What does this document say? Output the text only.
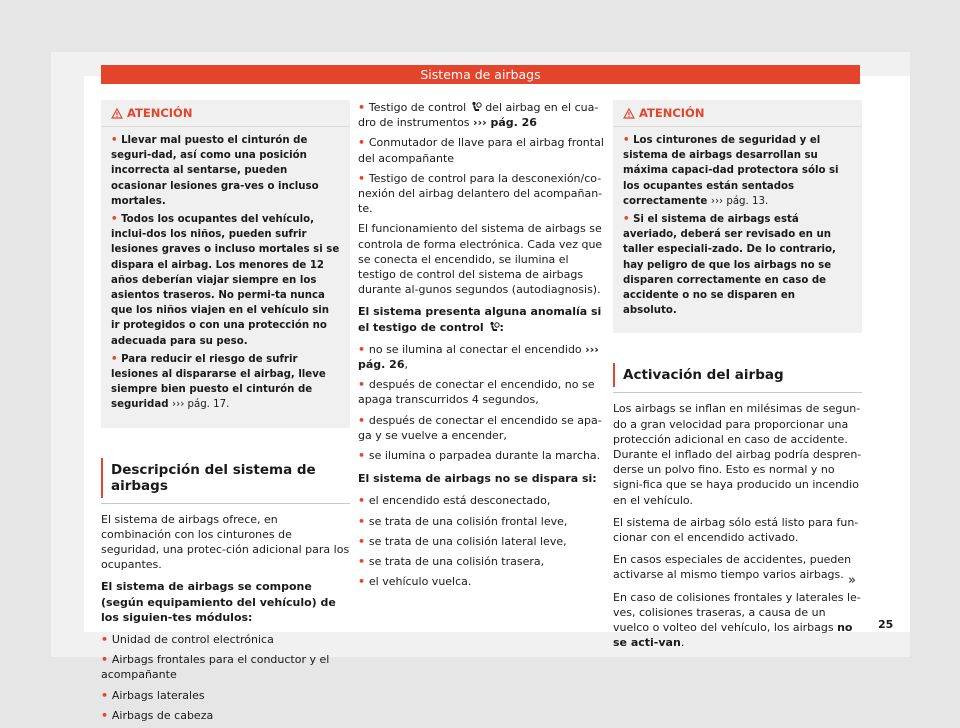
Sistema de airbags
ATENCIÓN
• Llevar mal puesto el cinturón de seguri-dad, así como una posición incorrecta al sentarse, pueden ocasionar lesiones gra-ves o incluso mortales.
• Todos los ocupantes del vehículo, inclui-dos los niños, pueden sufrir lesiones graves o incluso mortales si se dispara el airbag. Los menores de 12 años deberían viajar siempre en los asientos traseros. No permi-ta nunca que los niños viajen en el vehículo sin ir protegidos o con una protección no adecuada para su peso.
• Para reducir el riesgo de sufrir lesiones al dispararse el airbag, lleve siempre bien puesto el cinturón de seguridad ››› pág. 17.
Descripción del sistema de airbags

El sistema de airbags ofrece, en combinación con los cinturones de seguridad, una protec-ción adicional para los ocupantes.

El sistema de airbags se compone (según equipamiento del vehículo) de los siguien-tes módulos:

• Unidad de control electrónica
• Airbags frontales para el conductor y el acompañante
• Airbags laterales
• Airbags de cabeza
• Testigo de control del airbag en el cua-dro de instrumentos ››› pág. 26
• Conmutador de llave para el airbag frontal del acompañante
• Testigo de control para la desconexión/co-nexión del airbag delantero del acompañan-te.

El funcionamiento del sistema de airbags se controla de forma electrónica. Cada vez que se conecta el encendido, se ilumina el testigo de control del sistema de airbags durante al-gunos segundos (autodiagnosis).

El sistema presenta alguna anomalía si el testigo de control :

• no se ilumina al conectar el encendido ››› pág. 26,
• después de conectar el encendido, no se apaga transcurridos 4 segundos,
• después de conectar el encendido se apa-ga y se vuelve a encender,
• se ilumina o parpadea durante la marcha.

El sistema de airbags no se dispara si:

• el encendido está desconectado,
• se trata de una colisión frontal leve,
• se trata de una colisión lateral leve,
• se trata de una colisión trasera,
• el vehículo vuelca.
ATENCIÓN
• Los cinturones de seguridad y el sistema de airbags desarrollan su máxima capaci-dad protectora sólo si los ocupantes están sentados correctamente ››› pág. 13.
• Si el sistema de airbags está averiado, deberá ser revisado en un taller especiali-zado. De lo contrario, hay peligro de que los airbags no se disparen correctamente en caso de accidente o no se disparen en absoluto.
Activación del airbag

Los airbags se inflan en milésimas de segun-do a gran velocidad para proporcionar una protección adicional en caso de accidente. Durante el inflado del airbag podría despren-derse un polvo fino. Esto es normal y no signi-fica que se haya producido un incendio en el vehículo.

El sistema de airbag sólo está listo para fun-cionar con el encendido activado.

En casos especiales de accidentes, pueden activarse al mismo tiempo varios airbags.

En caso de colisiones frontales y laterales le-ves, colisiones traseras, a causa de un vuelco o volteo del vehículo, los airbags no se acti-van.

»
25
